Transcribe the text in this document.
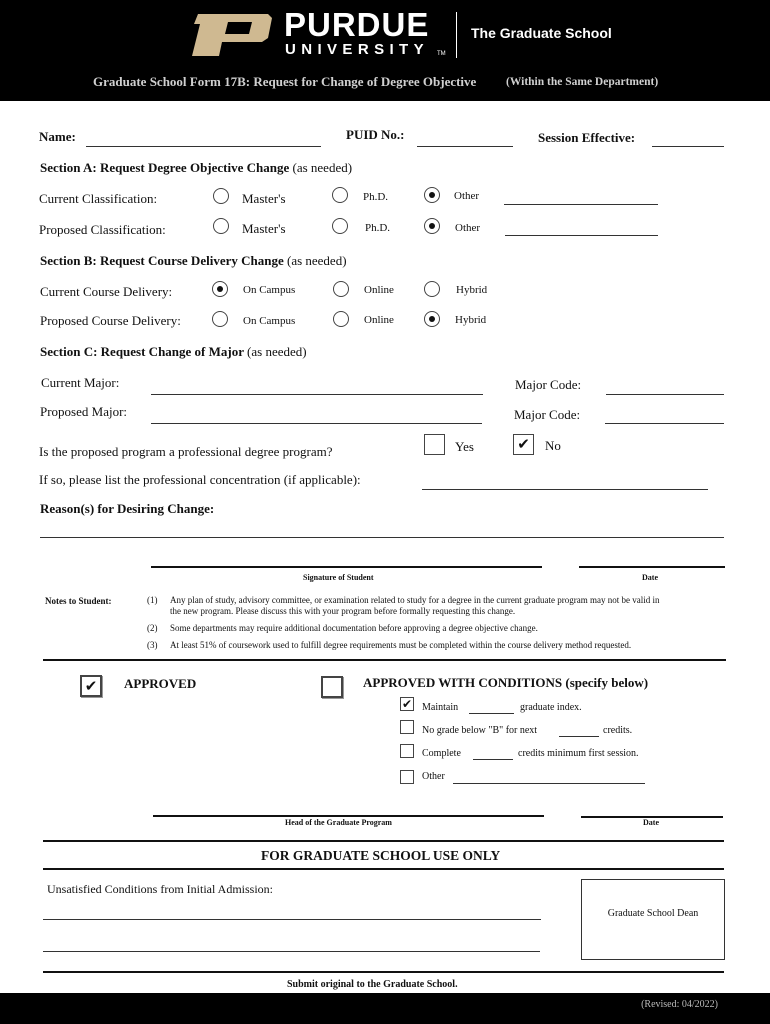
PURDUE
UNIVERSITY TM
The Graduate School
Graduate School Form 17B: Request for Change of Degree Objective	(Within the Same Department)
Name:	PUID No.:	Session Effective:
Section A: Request Degree Objective Change (as needed)
Current Classification:	Master's	Ph.D.	Other
Proposed Classification:	Master's	Ph.D.	Other
Section B: Request Course Delivery Change (as needed)
Current Course Delivery:	On Campus	Online	Hybrid
Proposed Course Delivery:	On Campus	Online	Hybrid
Section C: Request Change of Major (as needed)
Current Major:	Major Code:
Proposed Major:	Major Code:
Is the proposed program a professional degree program?	Yes	✔ No
If so, please list the professional concentration (if applicable):
Reason(s) for Desiring Change:
Signature of Student	Date
Notes to Student:	(1) Any plan of study, advisory committee, or examination related to study for a degree in the current graduate program may not be valid in
the new program. Please discuss this with your program before formally requesting this change.
(2) Some departments may require additional documentation before approving a degree objective change.
(3) At least 51% of coursework used to fulfill degree requirements must be completed within the course delivery method requested.
✔ APPROVED	APPROVED WITH CONDITIONS (specify below)
✔ Maintain	graduate index.
No grade below "B" for next	credits.
Complete	credits minimum first session.
Other
Head of the Graduate Program	Date
FOR GRADUATE SCHOOL USE ONLY
Unsatisfied Conditions from Initial Admission:
Graduate School Dean
Submit original to the Graduate School.
(Revised: 04/2022)
